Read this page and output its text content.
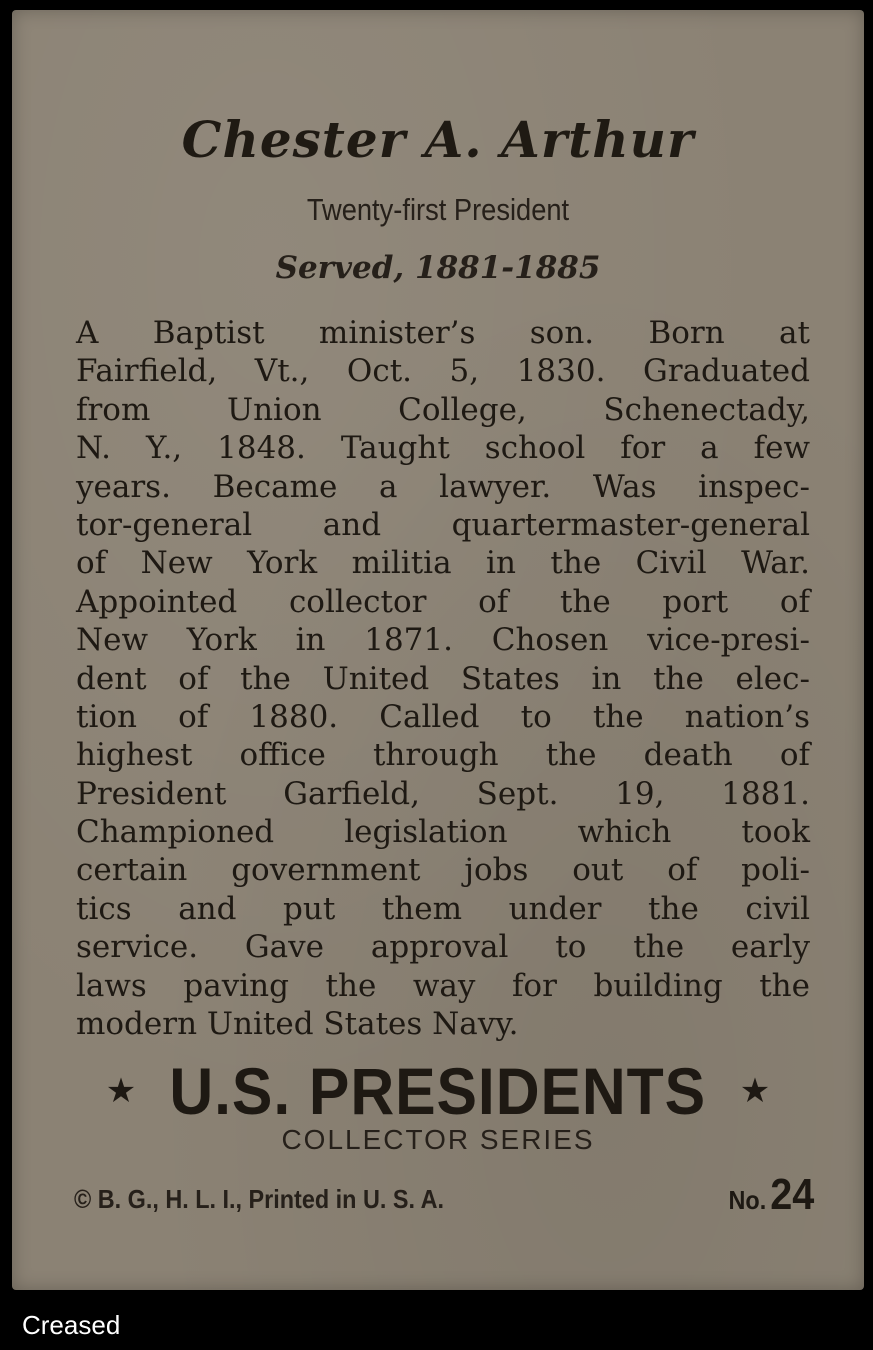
Chester A. Arthur

Twenty-first President

Served, 1881-1885

A Baptist minister’s son. Born at
Fairfield, Vt., Oct. 5, 1830. Graduated
from Union College, Schenectady,
N. Y., 1848. Taught school for a few
years. Became a lawyer. Was inspec-
tor-general and quartermaster-general
of New York militia in the Civil War.
Appointed collector of the port of
New York in 1871. Chosen vice-presi-
dent of the United States in the elec-
tion of 1880. Called to the nation’s
highest office through the death of
President Garfield, Sept. 19, 1881.
Championed legislation which took
certain government jobs out of poli-
tics and put them under the civil
service. Gave approval to the early
laws paving the way for building the
modern United States Navy.
★ U.S. PRESIDENTS ★
COLLECTOR SERIES
© B. G., H. L. I., Printed in U. S. A.	No. 24
Creased
